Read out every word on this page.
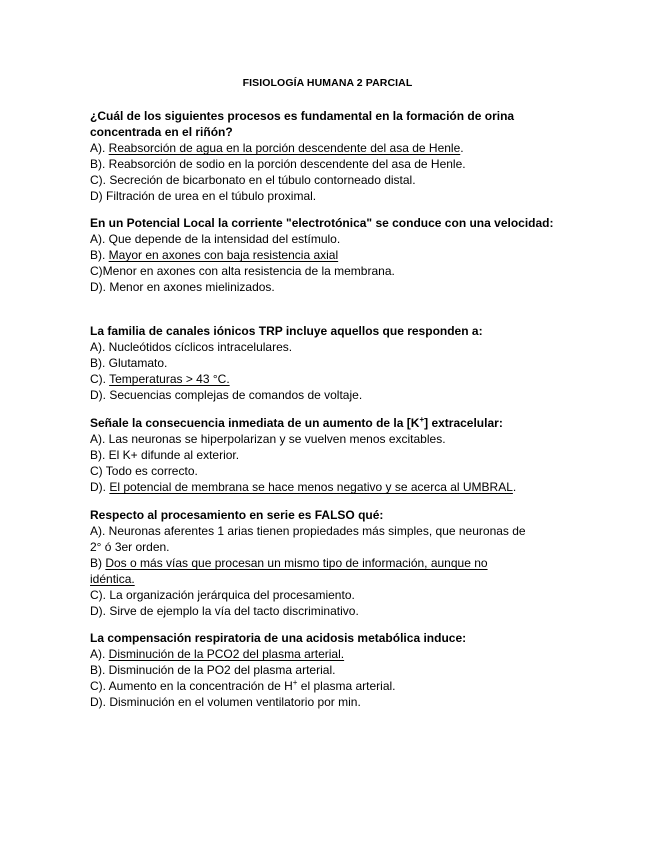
FISIOLOGÍA HUMANA 2 PARCIAL

¿Cuál de los siguientes procesos es fundamental en la formación de orina concentrada en el riñón?

A). Reabsorción de agua en la porción descendente del asa de Henle.

B). Reabsorción de sodio en la porción descendente del asa de Henle.

C). Secreción de bicarbonato en el túbulo contorneado distal.

D) Filtración de urea en el túbulo proximal.

En un Potencial Local la corriente "electrotónica" se conduce con una velocidad:

A). Que depende de la intensidad del estímulo.

B). Mayor en axones con baja resistencia axial

C)Menor en axones con alta resistencia de la membrana.

D). Menor en axones mielinizados.

La familia de canales iónicos TRP incluye aquellos que responden a:

A). Nucleótidos cíclicos intracelulares.

B). Glutamato.

C). Temperaturas > 43 °C.

D). Secuencias complejas de comandos de voltaje.

Señale la consecuencia inmediata de un aumento de la [K+] extracelular:

A). Las neuronas se hiperpolarizan y se vuelven menos excitables.

B). El K+ difunde al exterior.

C) Todo es correcto.

D). El potencial de membrana se hace menos negativo y se acerca al UMBRAL.

Respecto al procesamiento en serie es FALSO qué:

A). Neuronas aferentes 1 arias tienen propiedades más simples, que neuronas de 2° ó 3er orden.

B) Dos o más vías que procesan un mismo tipo de información, aunque no idéntica.

C). La organización jerárquica del procesamiento.

D). Sirve de ejemplo la vía del tacto discriminativo.

La compensación respiratoria de una acidosis metabólica induce:

A). Disminución de la PCO2 del plasma arterial.

B). Disminución de la PO2 del plasma arterial.

C). Aumento en la concentración de H+ el plasma arterial.

D). Disminución en el volumen ventilatorio por min.
